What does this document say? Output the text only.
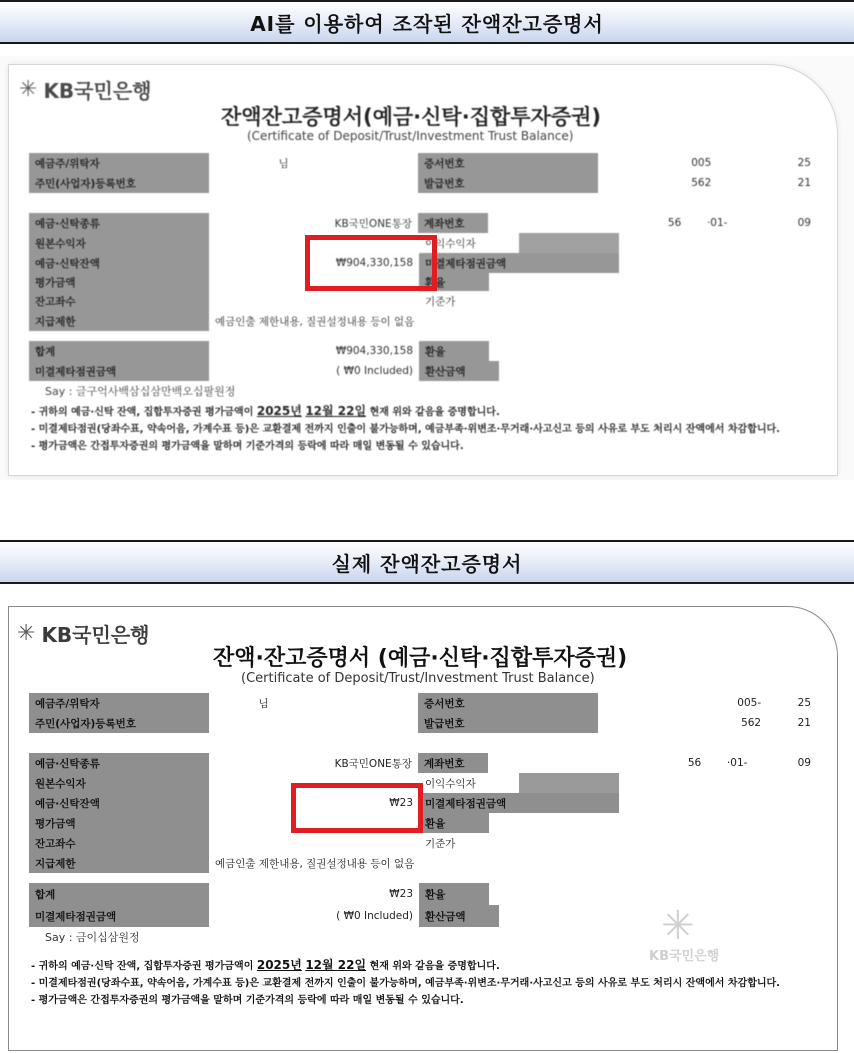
AI를 이용하여 조작된 잔액잔고증명서
✳ KB국민은행
잔액잔고증명서(예금·신탁·집합투자증권)
(Certificate of Deposit/Trust/Investment Trust Balance)
예금주/위탁자	님	증서번호	005	25
주민(사업자)등록번호	발급번호	562	21
예금·신탁종류	KB국민ONE통장	계좌번호	56	·01-	09
원본수익자	이익수익자
예금·신탁잔액	₩904,330,158	미결제타점권금액
평가금액	환율
잔고좌수	기준가
지급제한	예금인출 제한내용, 질권설정내용 등이 없음
합계	₩904,330,158	환율
미결제타점권금액	( ₩0 Included)	환산금액
Say : 글구억사백삼십삼만백오십팔원정

- 귀하의 예금·신탁 잔액, 집합투자증권 평가금액이 2025년 12월 22일 현재 위와 같음을 증명합니다.

- 미결제타점권(당좌수표, 약속어음, 가계수표 등)은 교환결제 전까지 인출이 불가능하며, 예금부족·위변조·무거래·사고신고 등의 사유로 부도 처리시 잔액에서 차감합니다.

- 평가금액은 간접투자증권의 평가금액을 말하며 기준가격의 등락에 따라 매일 변동될 수 있습니다.

실제 잔액잔고증명서
✳ KB국민은행
잔액·잔고증명서 (예금·신탁·집합투자증권)
(Certificate of Deposit/Trust/Investment Trust Balance)
예금주/위탁자	님	증서번호	005-	25
주민(사업자)등록번호	발급번호	562	21
예금·신탁종류	KB국민ONE통장	계좌번호	56	·01-	09
원본수익자	이익수익자
예금·신탁잔액	₩23	미결제타점권금액
평가금액	환율
잔고좌수	기준가
지급제한	예금인출 제한내용, 질권설정내용 등이 없음
합계	₩23	환율
미결제타점권금액	( ₩0 Included)	환산금액
Say : 금이십삼원정	✳
KB국민은행

- 귀하의 예금·신탁 잔액, 집합투자증권 평가금액이 2025년 12월 22일 현재 위와 같음을 증명합니다.

- 미결제타점권(당좌수표, 약속어음, 가계수표 등)은 교환결제 전까지 인출이 불가능하며, 예금부족·위변조·무거래·사고신고 등의 사유로 부도 처리시 잔액에서 차감합니다.

- 평가금액은 간접투자증권의 평가금액을 말하며 기준가격의 등락에 따라 매일 변동될 수 있습니다.
